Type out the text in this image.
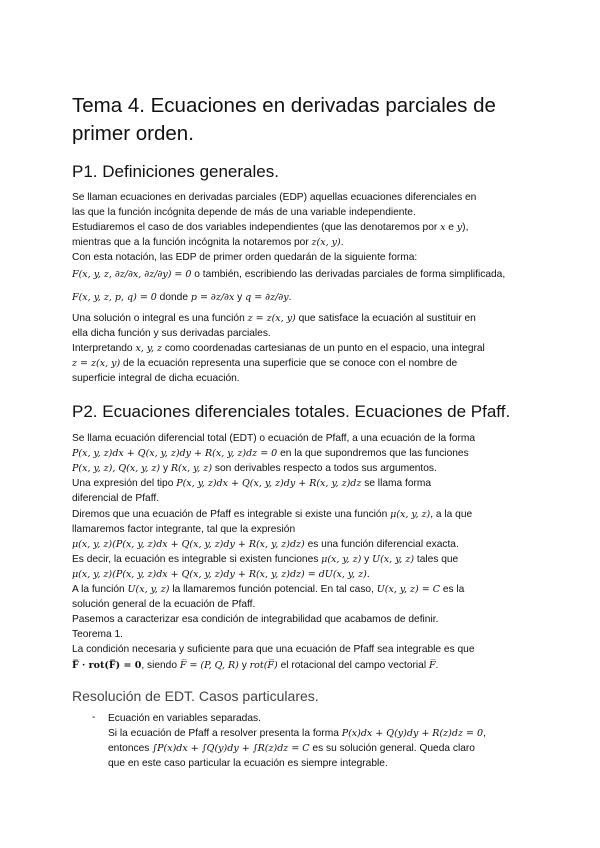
Tema 4. Ecuaciones en derivadas parciales de primer orden.
P1. Definiciones generales.
Se llaman ecuaciones en derivadas parciales (EDP) aquellas ecuaciones diferenciales en
las que la función incógnita depende de más de una variable independiente.
Estudiaremos el caso de dos variables independientes (que las denotaremos por x e y),
mientras que a la función incógnita la notaremos por z(x, y).
Con esta notación, las EDP de primer orden quedarán de la siguiente forma:
F(x, y, z, ∂z/∂x, ∂z/∂y) = 0 o también, escribiendo las derivadas parciales de forma simplificada,
F(x, y, z, p, q) = 0 donde p = ∂z/∂x y q = ∂z/∂y.
Una solución o integral es una función z = z(x, y) que satisface la ecuación al sustituir en
ella dicha función y sus derivadas parciales.
Interpretando x, y, z como coordenadas cartesianas de un punto en el espacio, una integral
z = z(x, y) de la ecuación representa una superficie que se conoce con el nombre de
superficie integral de dicha ecuación.
P2. Ecuaciones diferenciales totales. Ecuaciones de Pfaff.
Se llama ecuación diferencial total (EDT) o ecuación de Pfaff, a una ecuación de la forma
P(x, y, z)dx + Q(x, y, z)dy + R(x, y, z)dz = 0 en la que supondremos que las funciones
P(x, y, z), Q(x, y, z) y R(x, y, z) son derivables respecto a todos sus argumentos.
Una expresión del tipo P(x, y, z)dx + Q(x, y, z)dy + R(x, y, z)dz se llama forma
diferencial de Pfaff.
Diremos que una ecuación de Pfaff es integrable si existe una función μ(x, y, z), a la que
llamaremos factor integrante, tal que la expresión
μ(x, y, z)(P(x, y, z)dx + Q(x, y, z)dy + R(x, y, z)dz) es una función diferencial exacta.
Es decir, la ecuación es integrable si existen funciones μ(x, y, z) y U(x, y, z) tales que
μ(x, y, z)(P(x, y, z)dx + Q(x, y, z)dy + R(x, y, z)dz) = dU(x, y, z).
A la función U(x, y, z) la llamaremos función potencial. En tal caso, U(x, y, z) = C es la
solución general de la ecuación de Pfaff.
Pasemos a caracterizar esa condición de integrabilidad que acabamos de definir.
Teorema 1.
La condición necesaria y suficiente para que una ecuación de Pfaff sea integrable es que
F̅ · rot(F̅) = 0, siendo F̅ = (P, Q, R) y rot(F̅) el rotacional del campo vectorial F̅.
Resolución de EDT. Casos particulares.
- Ecuación en variables separadas.
Si la ecuación de Pfaff a resolver presenta la forma P(x)dx + Q(y)dy + R(z)dz = 0,
entonces ∫P(x)dx + ∫Q(y)dy + ∫R(z)dz = C es su solución general. Queda claro
que en este caso particular la ecuación es siempre integrable.
